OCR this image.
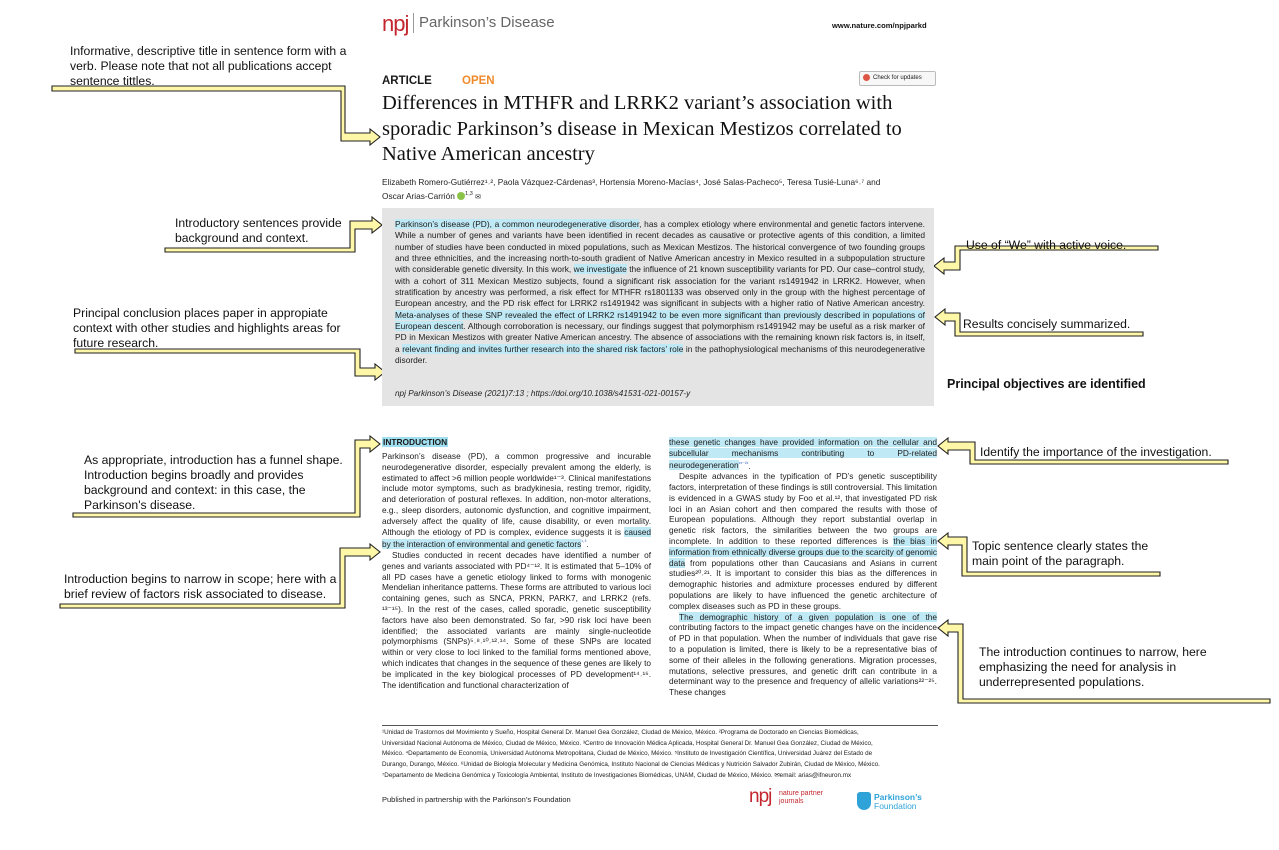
npj Parkinson’s Disease	www.nature.com/npjparkd
ARTICLE	OPEN	Check for updates
Differences in MTHFR and LRRK2 variant’s association with
sporadic Parkinson’s disease in Mexican Mestizos correlated to
Native American ancestry
Elizabeth Romero-Gutiérrez¹˒², Paola Vázquez-Cárdenas³, Hortensia Moreno-Macías⁴, José Salas-Pacheco⁵, Teresa Tusié-Luna⁶˒⁷ and
Oscar Arias-Carrión $^{1,3}$ ✉
Parkinson’s disease (PD), a common neurodegenerative disorder, has a complex etiology where environmental and genetic factors intervene. While a number of genes and variants have been identified in recent decades as causative or protective agents of this condition, a limited number of studies have been conducted in mixed populations, such as Mexican Mestizos. The historical convergence of two founding groups and three ethnicities, and the increasing north-to-south gradient of Native American ancestry in Mexico resulted in a subpopulation structure with considerable genetic diversity. In this work, we investigate the influence of 21 known susceptibility variants for PD. Our case–control study, with a cohort of 311 Mexican Mestizo subjects, found a significant risk association for the variant rs1491942 in LRRK2. However, when stratification by ancestry was performed, a risk effect for MTHFR rs1801133 was observed only in the group with the highest percentage of European ancestry, and the PD risk effect for LRRK2 rs1491942 was significant in subjects with a higher ratio of Native American ancestry. Meta-analyses of these SNP revealed the effect of LRRK2 rs1491942 to be even more significant than previously described in populations of European descent. Although corroboration is necessary, our findings suggest that polymorphism rs1491942 may be useful as a risk marker of PD in Mexican Mestizos with greater Native American ancestry. The absence of associations with the remaining known risk factors is, in itself, a relevant finding and invites further research into the shared risk factors’ role in the pathophysiological mechanisms of this neurodegenerative disorder.
npj Parkinson’s Disease (2021)7:13 ; https://doi.org/10.1038/s41531-021-00157-y
INTRODUCTION

Parkinson’s disease (PD), a common progressive and incurable neurodegenerative disorder, especially prevalent among the elderly, is estimated to affect >6 million people worldwide¹⁻³. Clinical manifestations include motor symptoms, such as bradykinesia, resting tremor, rigidity, and deterioration of postural reflexes. In addition, non-motor alterations, e.g., sleep disorders, autonomic dysfunction, and cognitive impairment, adversely affect the quality of life, cause disability, or even mortality. Although the etiology of PD is complex, evidence suggests it is caused by the interaction of environmental and genetic factors$^{^1˒^3}$.

Studies conducted in recent decades have identified a number of genes and variants associated with PD⁴⁻¹². It is estimated that 5–10% of all PD cases have a genetic etiology linked to forms with monogenic Mendelian inheritance patterns. These forms are attributed to various loci containing genes, such as SNCA, PRKN, PARK7, and LRRK2 (refs. ¹³⁻¹⁵). In the rest of the cases, called sporadic, genetic susceptibility factors have also been demonstrated. So far, >90 risk loci have been identified; the associated variants are mainly single-nucleotide polymorphisms (SNPs)⁵˒⁸˒¹⁰˒¹²˒¹⁴. Some of these SNPs are located within or very close to loci linked to the familial forms mentioned above, which indicates that changes in the sequence of these genes are likely to be implicated in the key biological processes of PD development¹⁴˒¹⁶. The identification and functional characterization of

these genetic changes have provided information on the cellular and subcellular mechanisms contributing to PD-related neurodegeneration$^{^{15-21}}$.

Despite advances in the typification of PD’s genetic susceptibility factors, interpretation of these findings is still controversial. This limitation is evidenced in a GWAS study by Foo et al.¹², that investigated PD risk loci in an Asian cohort and then compared the results with those of European populations. Although they report substantial overlap in genetic risk factors, the similarities between the two groups are incomplete. In addition to these reported differences is the bias in information from ethnically diverse groups due to the scarcity of genomic data from populations other than Caucasians and Asians in current studies²⁰˒²¹. It is important to consider this bias as the differences in demographic histories and admixture processes endured by different populations are likely to have influenced the genetic architecture of complex diseases such as PD in these groups.

The demographic history of a given population is one of the contributing factors to the impact genetic changes have on the incidence of PD in that population. When the number of individuals that gave rise to a population is limited, there is likely to be a representative bias of some of their alleles in the following generations. Migration processes, mutations, selective pressures, and genetic drift can contribute in a determinant way to the presence and frequency of allelic variations²²⁻²⁵. These changes

¹Unidad de Trastornos del Movimiento y Sueño, Hospital General Dr. Manuel Gea González, Ciudad de México, México. ²Programa de Doctorado en Ciencias Biomédicas,
Universidad Nacional Autónoma de México, Ciudad de México, México. ³Centro de Innovación Médica Aplicada, Hospital General Dr. Manuel Gea González, Ciudad de México,
México. ⁴Departamento de Economía, Universidad Autónoma Metropolitana, Ciudad de México, México. ⁵Instituto de Investigación Científica, Universidad Juárez del Estado de
Durango, Durango, México. ⁶Unidad de Biología Molecular y Medicina Genómica, Instituto Nacional de Ciencias Médicas y Nutrición Salvador Zubirán, Ciudad de México, México.
⁷Departamento de Medicina Genómica y Toxicología Ambiental, Instituto de Investigaciones Biomédicas, UNAM, Ciudad de México, México. ✉email: arias@ifneuron.mx
Published in partnership with the Parkinson’s Foundation	npj nature partner
journals	Parkinson’s
Foundation
Informative, descriptive title in sentence form with a verb. Please note that not all publications accept sentence tittles.
Introductory sentences provide background and context.
Principal conclusion places paper in appropiate context with other studies and highlights areas for future research.
Use of “We” with active voice.
Results concisely summarized.
Principal objectives are identified
As appropriate, introduction has a funnel shape. Introduction begins broadly and provides background and context: in this case, the Parkinson's disease.
Introduction begins to narrow in scope; here with a brief review of factors risk associated to disease.
Identify the importance of the investigation.
Topic sentence clearly states the main point of the paragraph.
The introduction continues to narrow, here emphasizing the need for analysis in underrepresented populations.
